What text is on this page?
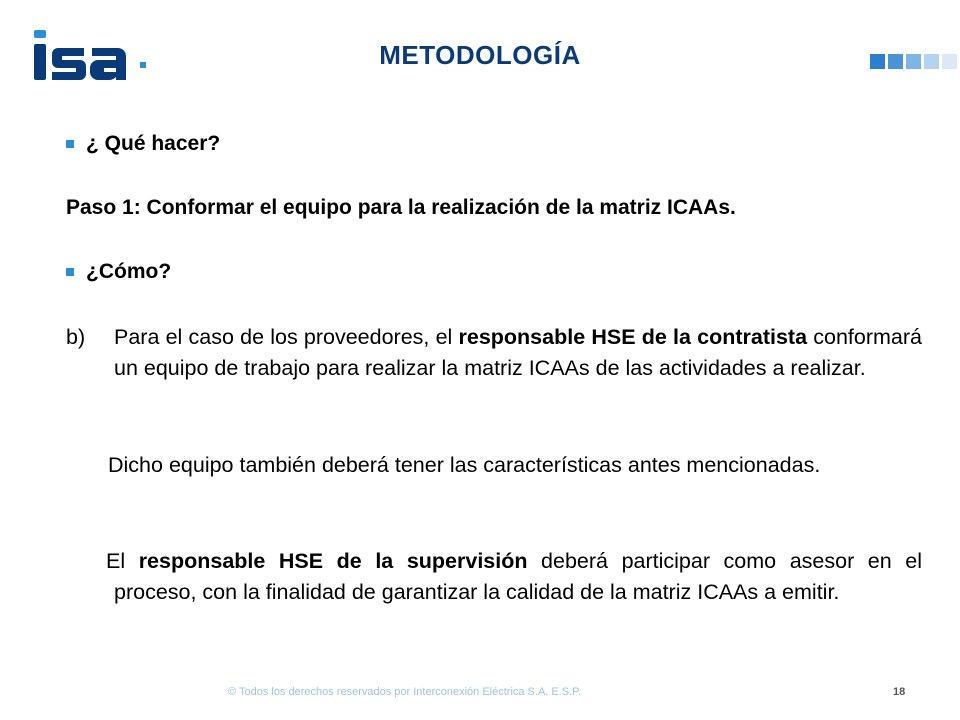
METODOLOGÍA
¿ Qué hacer?
Paso 1: Conformar el equipo para la realización de la matriz ICAAs.
¿Cómo?
b) Para el caso de los proveedores, el responsable HSE de la contratista conformará un equipo de trabajo para realizar la matriz ICAAs de las actividades a realizar.
Dicho equipo también deberá tener las características antes mencionadas.
El responsable HSE de la supervisión deberá participar como asesor en el proceso, con la finalidad de garantizar la calidad de la matriz ICAAs a emitir.
© Todos los derechos reservados por Interconexión Eléctrica S.A. E.S.P.	18
